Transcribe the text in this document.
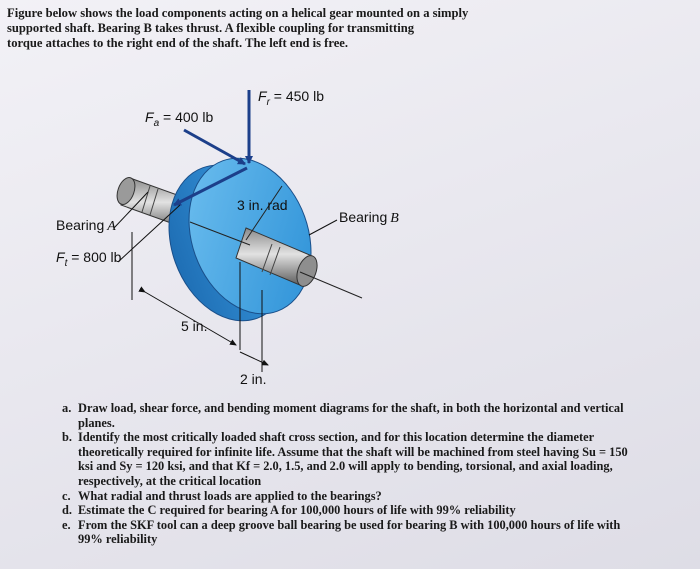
Figure below shows the load components acting on a helical gear mounted on a simply
supported shaft. Bearing B takes thrust. A flexible coupling for transmitting
torque attaches to the right end of the shaft. The left end is free.
$F_r = 450$ lb
$F_a = 400$ lb
$F_t = 800$ lb
Bearing A
Bearing B
3 in. rad
5 in.
2 in.
a. Draw load, shear force, and bending moment diagrams for the shaft, in both the horizontal and vertical
planes.
b. Identify the most critically loaded shaft cross section, and for this location determine the diameter
theoretically required for infinite life. Assume that the shaft will be machined from steel having Su = 150
ksi and Sy = 120 ksi, and that Kf = 2.0, 1.5, and 2.0 will apply to bending, torsional, and axial loading,
respectively, at the critical location
c. What radial and thrust loads are applied to the bearings?
d. Estimate the C required for bearing A for 100,000 hours of life with 99% reliability
e. From the SKF tool can a deep groove ball bearing be used for bearing B with 100,000 hours of life with
99% reliability
